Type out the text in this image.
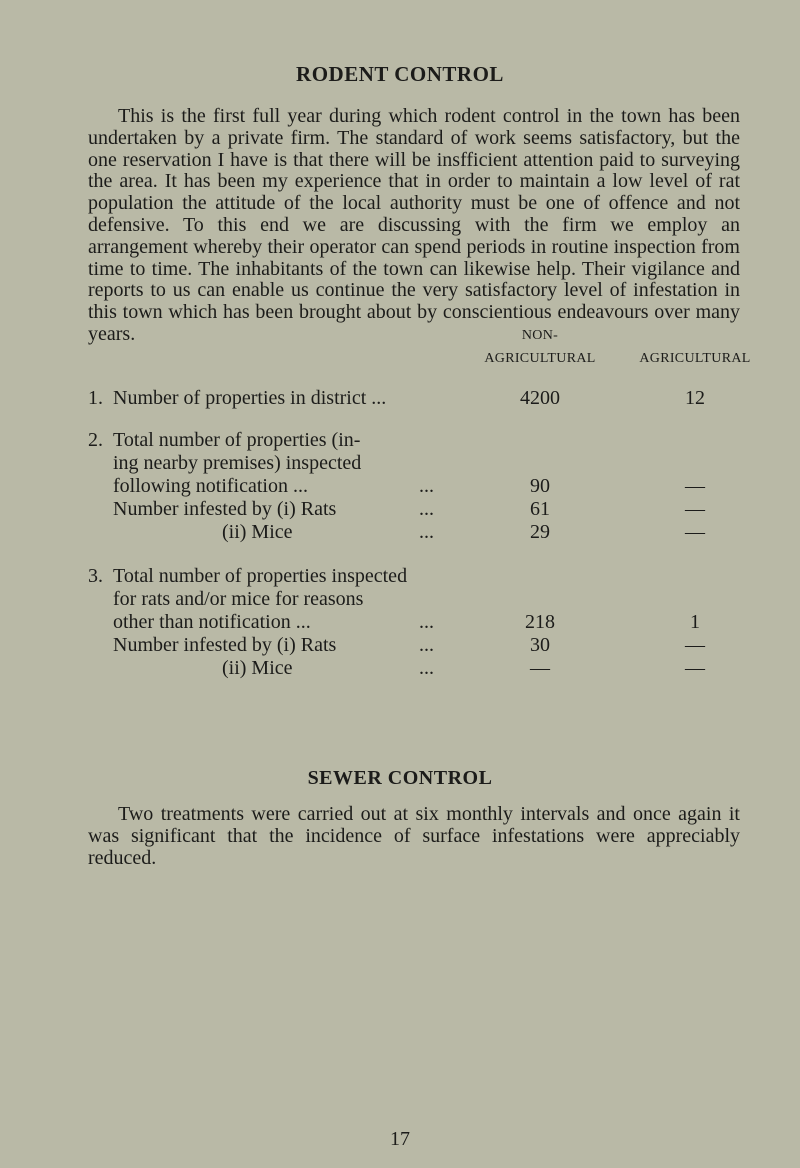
RODENT CONTROL
This is the first full year during which rodent control in the town has been undertaken by a private firm. The standard of work seems satisfactory, but the one reservation I have is that there will be insfficient attention paid to surveying the area. It has been my experience that in order to maintain a low level of rat population the attitude of the local authority must be one of offence and not defensive. To this end we are discussing with the firm we employ an arrangement whereby their operator can spend periods in routine inspection from time to time. The inhabitants of the town can likewise help. Their vigilance and reports to us can enable us continue the very satisfactory level of infestation in this town which has been brought about by conscientious endeavours over many years.	NON-
AGRICULTURAL	AGRICULTURAL
1. Number of properties in district ...	4200	12
2. Total number of properties (in-
ing nearby premises) inspected
following notification ...	...	90	—
Number infested by (i) Rats	...	61	—
(ii) Mice	...	29	—
3. Total number of properties inspected
for rats and/or mice for reasons
other than notification ...	...	218	1
Number infested by (i) Rats	...	30	—
(ii) Mice	...	—	—
SEWER CONTROL
Two treatments were carried out at six monthly intervals and once again it was significant that the incidence of surface infestations were appreciably reduced.
17
